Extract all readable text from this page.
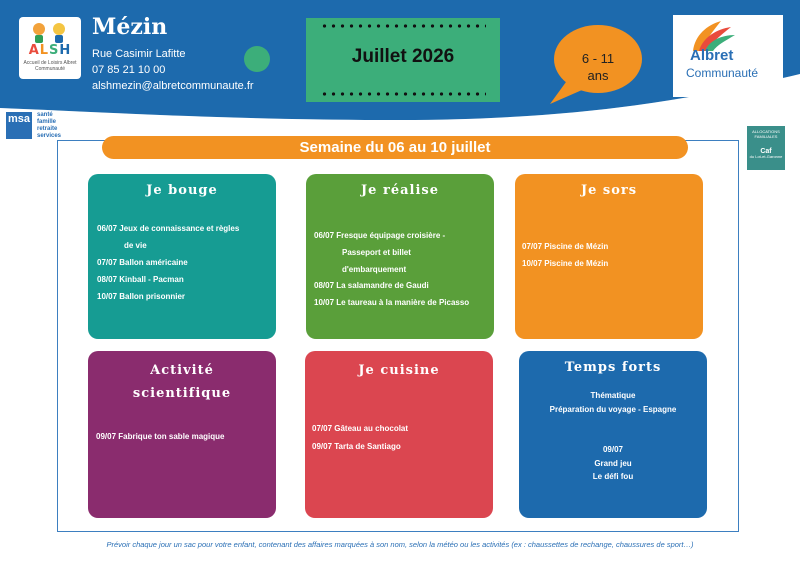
ALSH
Accueil de Loisirs Albret Communauté
Mézin
Rue Casimir Lafitte
07 85 21 10 00
alshmezin@albretcommunaute.fr
Juillet 2026	6 - 11
ans
Albret
Communauté
msa	santé
famille
retraite
services
ALLOCATIONS FAMILIALES
Caf
du Lot-et-Garonne
Semaine du 06 au 10 juillet
Je bouge
06/07 Jeux de connaissance et règles
de vie
07/07 Ballon américaine
08/07 Kinball - Pacman
10/07 Ballon prisonnier
Je réalise
06/07 Fresque équipage croisière -
Passeport et billet
d'embarquement
08/07 La salamandre de Gaudi
10/07 Le taureau à la manière de Picasso
Je sors
07/07 Piscine de Mézin
10/07 Piscine de Mézin
Activité
scientifique
09/07 Fabrique ton sable magique
Je cuisine
07/07 Gâteau au chocolat
09/07 Tarta de Santiago
Temps forts
Thématique
Préparation du voyage - Espagne
09/07
Grand jeu
Le défi fou
Prévoir chaque jour un sac pour votre enfant, contenant des affaires marquées à son nom, selon la météo ou les activités (ex : chaussettes de rechange, chaussures de sport…)
